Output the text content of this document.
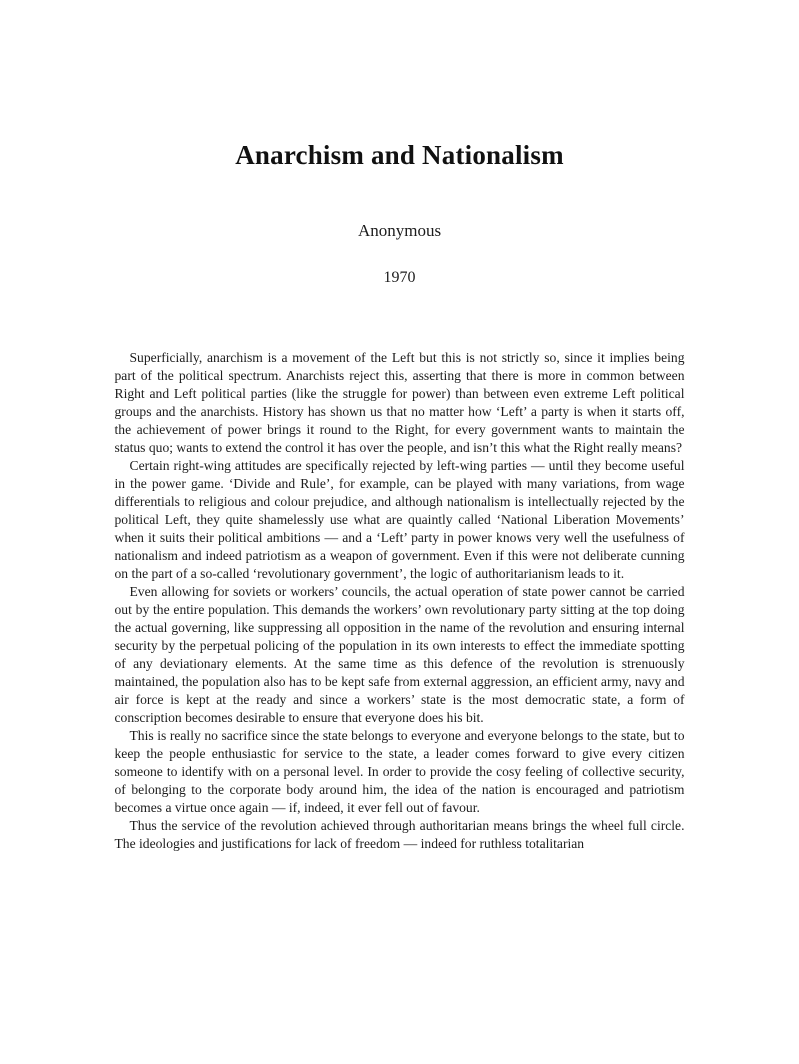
Anarchism and Nationalism
Anonymous
1970

Superficially, anarchism is a movement of the Left but this is not strictly so, since it implies being part of the political spectrum. Anarchists reject this, asserting that there is more in common between Right and Left political parties (like the struggle for power) than between even extreme Left political groups and the anarchists. History has shown us that no matter how ‘Left’ a party is when it starts off, the achievement of power brings it round to the Right, for every government wants to maintain the status quo; wants to extend the control it has over the people, and isn’t this what the Right really means?

Certain right-wing attitudes are specifically rejected by left-wing parties — until they become useful in the power game. ‘Divide and Rule’, for example, can be played with many variations, from wage differentials to religious and colour prejudice, and although nationalism is intellectually rejected by the political Left, they quite shamelessly use what are quaintly called ‘National Liberation Movements’ when it suits their political ambitions — and a ‘Left’ party in power knows very well the usefulness of nationalism and indeed patriotism as a weapon of government. Even if this were not deliberate cunning on the part of a so-called ‘revolutionary government’, the logic of authoritarianism leads to it.

Even allowing for soviets or workers’ councils, the actual operation of state power cannot be carried out by the entire population. This demands the workers’ own revolutionary party sitting at the top doing the actual governing, like suppressing all opposition in the name of the revolution and ensuring internal security by the perpetual policing of the population in its own interests to effect the immediate spotting of any deviationary elements. At the same time as this defence of the revolution is strenuously maintained, the population also has to be kept safe from external aggression, an efficient army, navy and air force is kept at the ready and since a workers’ state is the most democratic state, a form of conscription becomes desirable to ensure that everyone does his bit.

This is really no sacrifice since the state belongs to everyone and everyone belongs to the state, but to keep the people enthusiastic for service to the state, a leader comes forward to give every citizen someone to identify with on a personal level. In order to provide the cosy feeling of collective security, of belonging to the corporate body around him, the idea of the nation is encouraged and patriotism becomes a virtue once again — if, indeed, it ever fell out of favour.

Thus the service of the revolution achieved through authoritarian means brings the wheel full circle. The ideologies and justifications for lack of freedom — indeed for ruthless totalitarian
